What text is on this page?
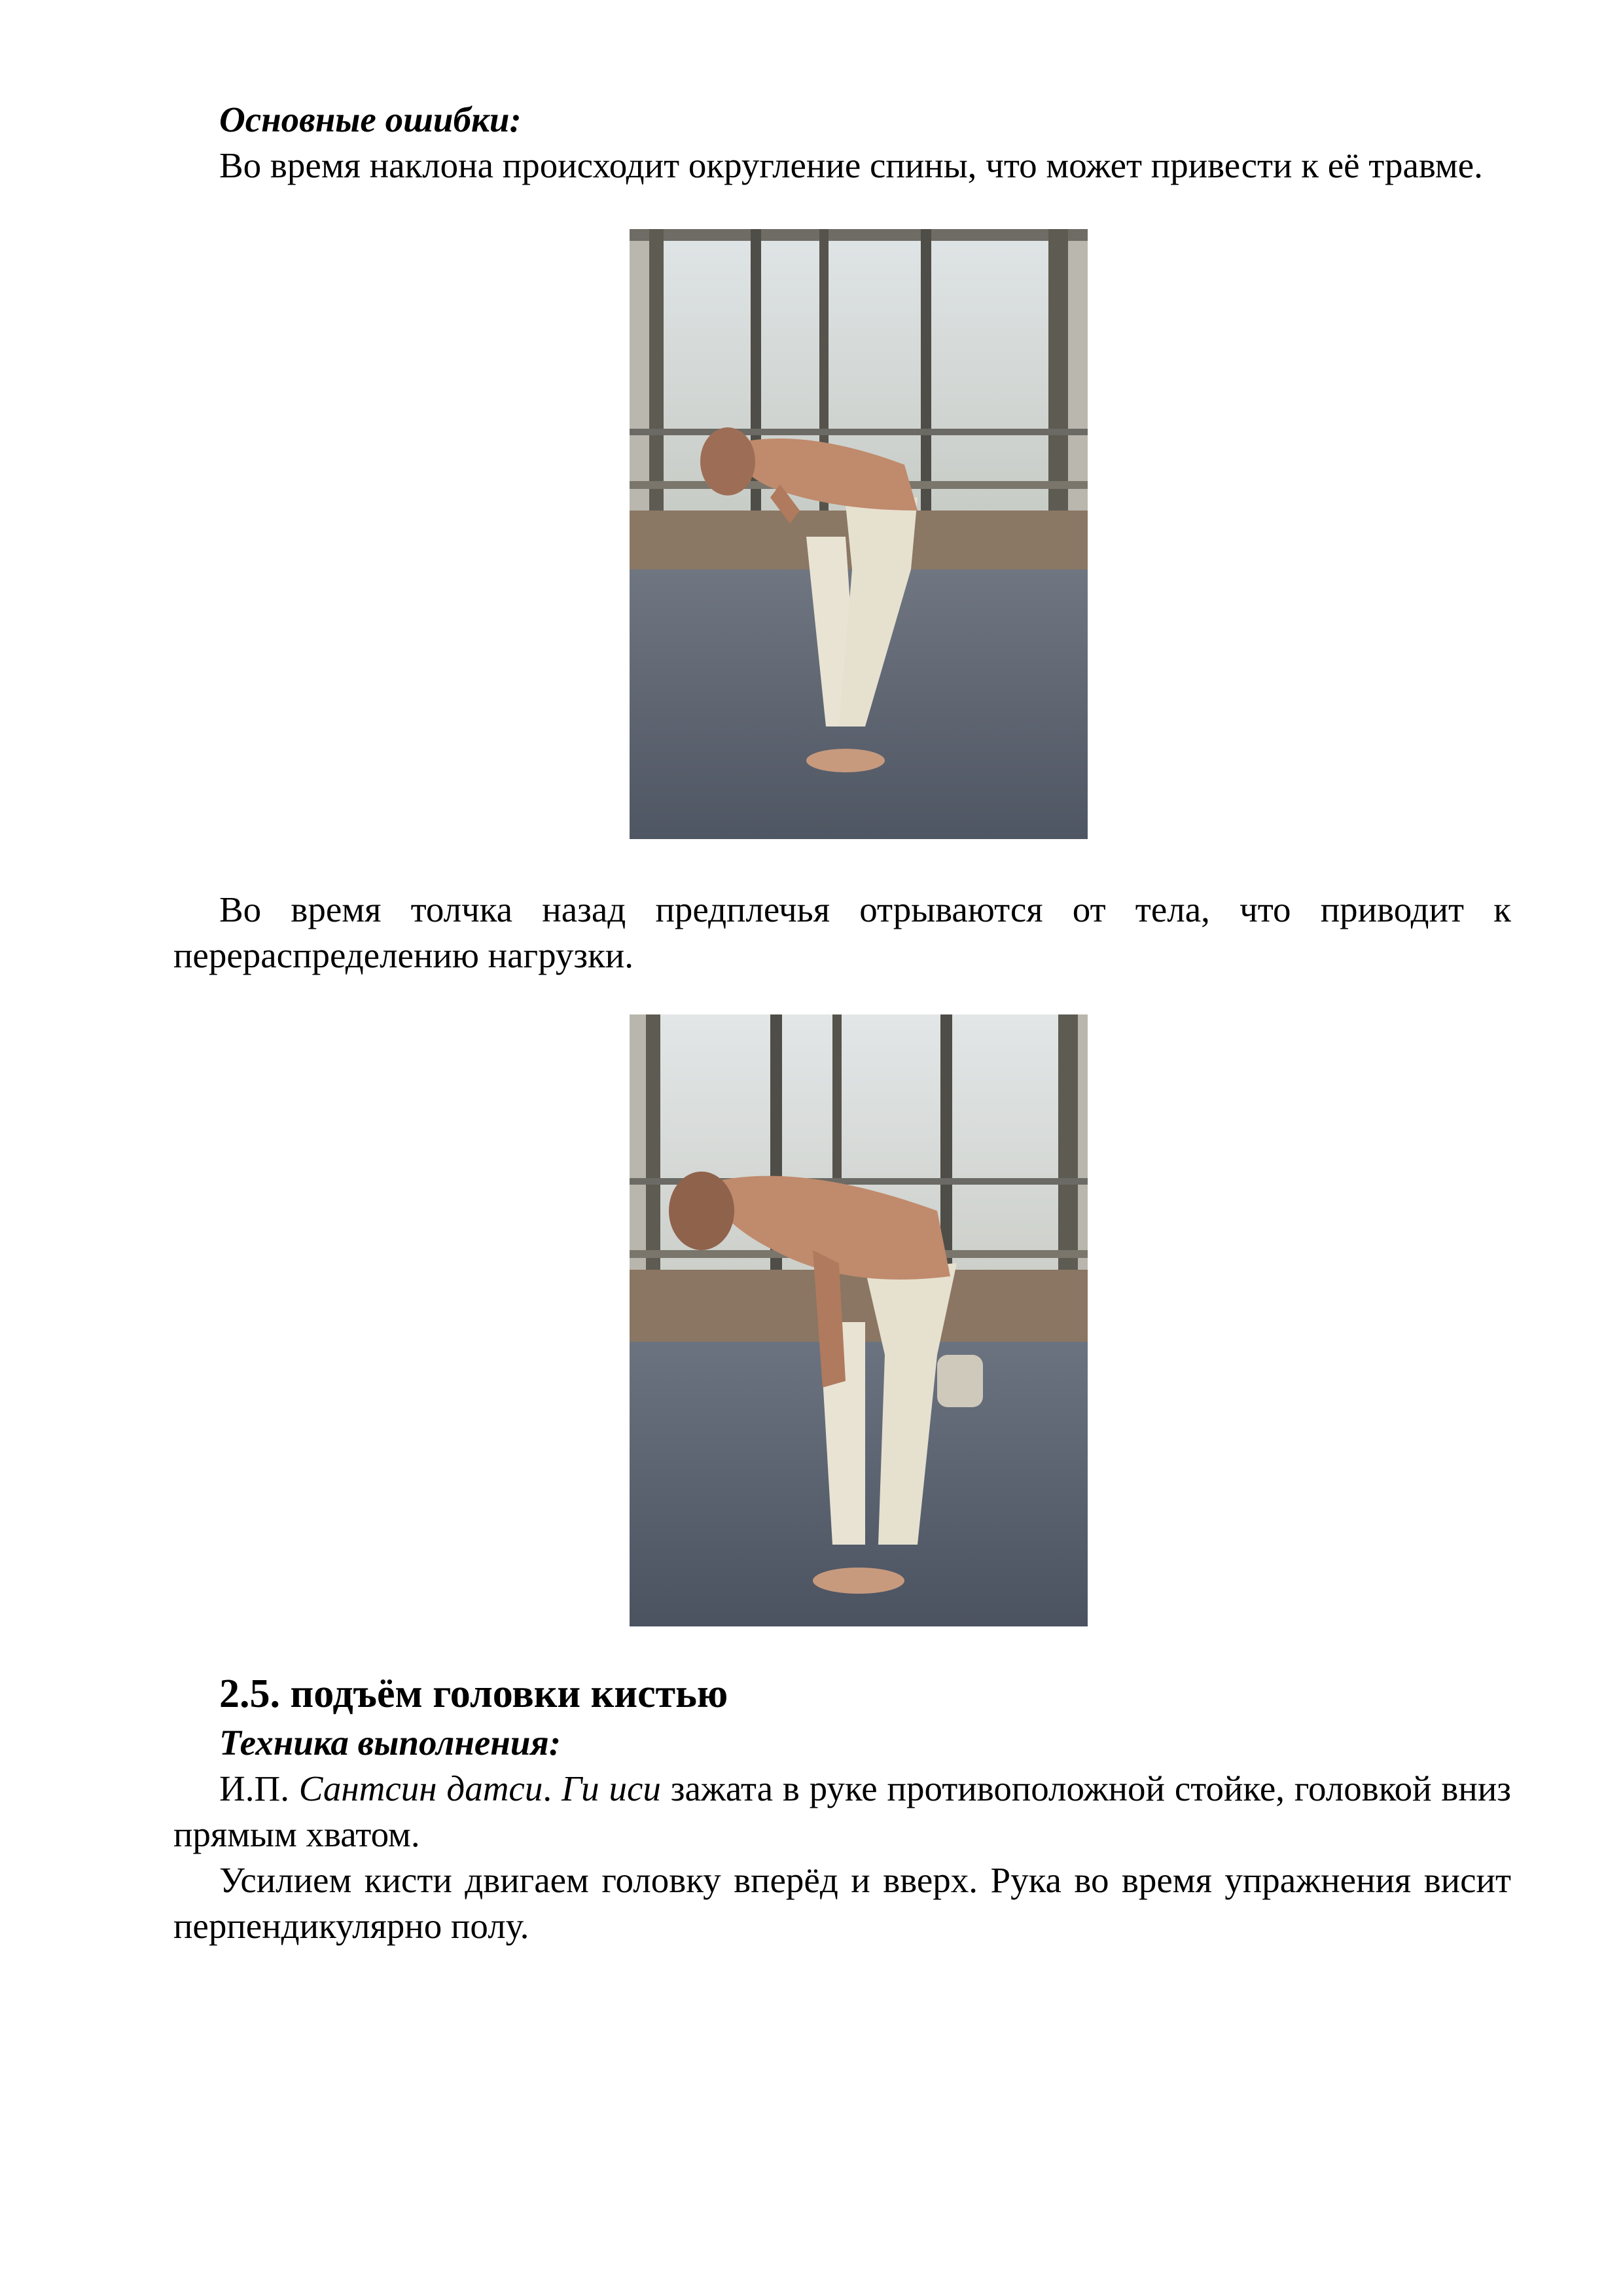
Основные ошибки:

Во время наклона происходит округление спины, что может привести к её травме.

Во время толчка назад предплечья отрываются от тела, что приводит к перераспределению нагрузки.

2.5. подъём головки кистью
Техника выполнения:

И.П. Сантсин датси. Ги иси зажата в руке противоположной стойке, головкой вниз прямым хватом.

Усилием кисти двигаем головку вперёд и вверх. Рука во время упражнения висит перпендикулярно полу.
